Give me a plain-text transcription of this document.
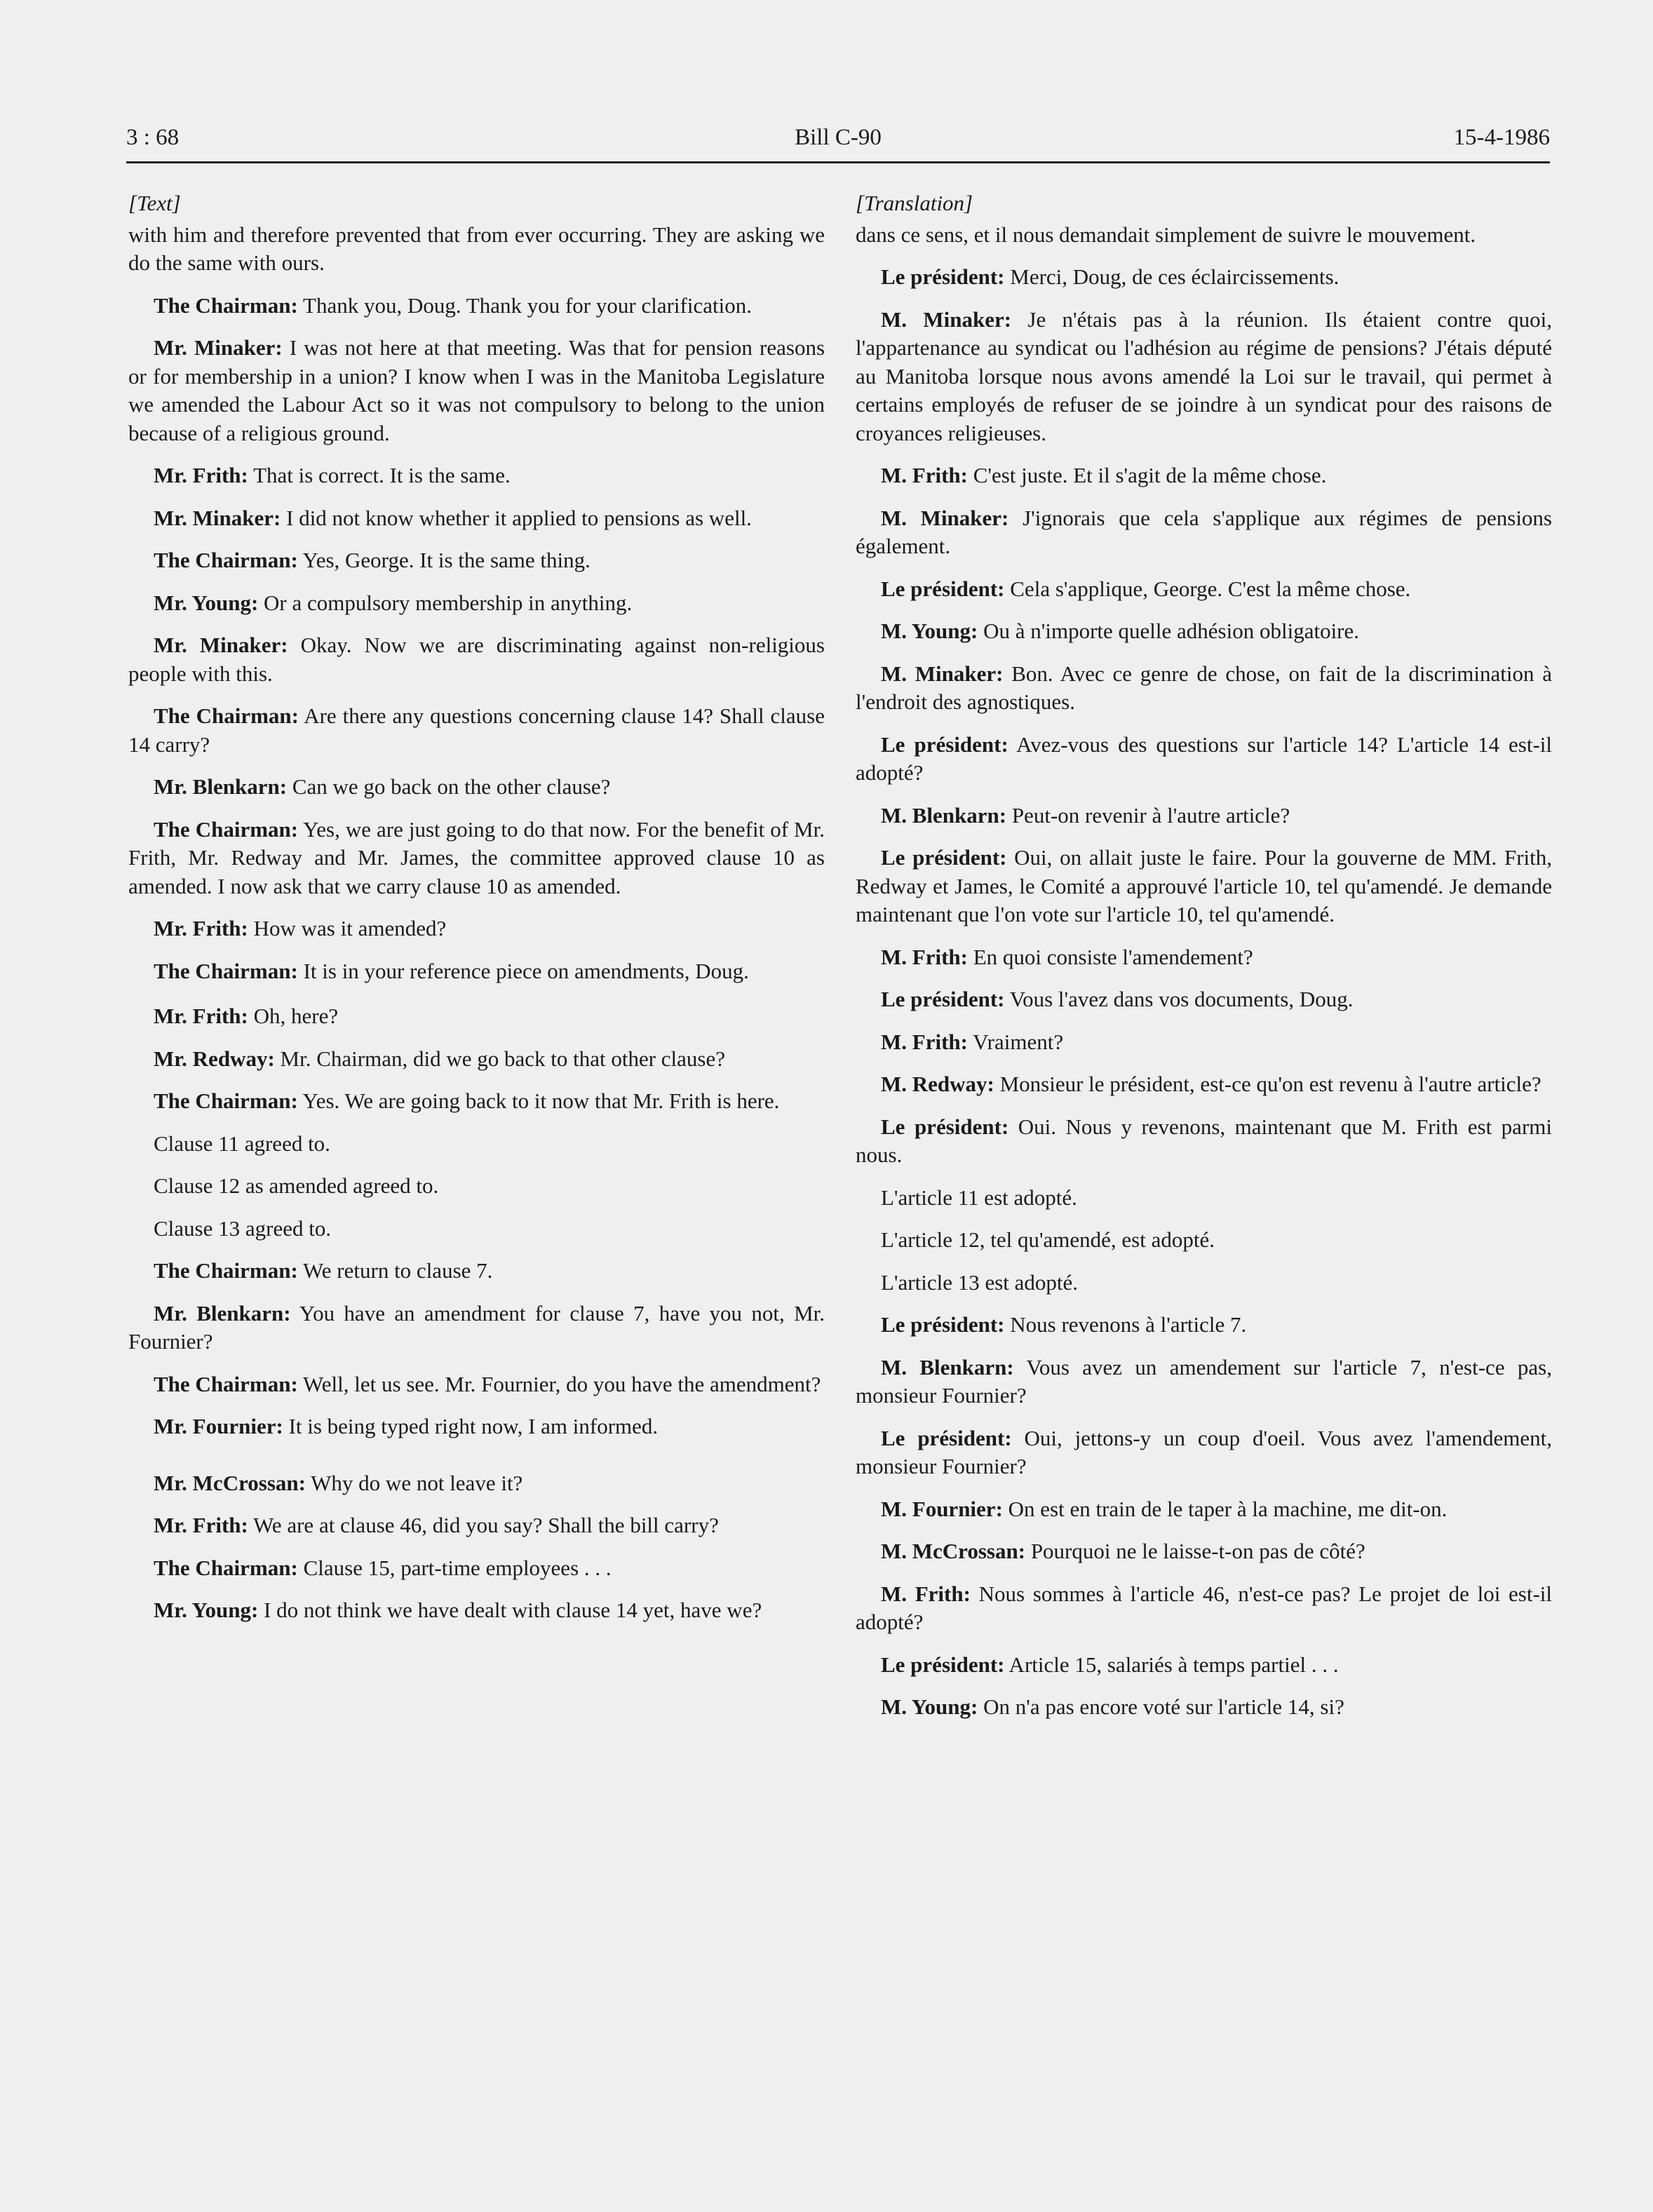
3 : 68	Bill C-90	15-4-1986
[Text]

with him and therefore prevented that from ever occurring. They are asking we do the same with ours.

The Chairman: Thank you, Doug. Thank you for your clarification.

Mr. Minaker: I was not here at that meeting. Was that for pension reasons or for membership in a union? I know when I was in the Manitoba Legislature we amended the Labour Act so it was not compulsory to belong to the union because of a religious ground.

Mr. Frith: That is correct. It is the same.

Mr. Minaker: I did not know whether it applied to pensions as well.

The Chairman: Yes, George. It is the same thing.

Mr. Young: Or a compulsory membership in anything.

Mr. Minaker: Okay. Now we are discriminating against non-religious people with this.

The Chairman: Are there any questions concerning clause 14? Shall clause 14 carry?

Mr. Blenkarn: Can we go back on the other clause?

The Chairman: Yes, we are just going to do that now. For the benefit of Mr. Frith, Mr. Redway and Mr. James, the committee approved clause 10 as amended. I now ask that we carry clause 10 as amended.

Mr. Frith: How was it amended?

The Chairman: It is in your reference piece on amendments, Doug.

Mr. Frith: Oh, here?

Mr. Redway: Mr. Chairman, did we go back to that other clause?

The Chairman: Yes. We are going back to it now that Mr. Frith is here.

Clause 11 agreed to.

Clause 12 as amended agreed to.

Clause 13 agreed to.

The Chairman: We return to clause 7.

Mr. Blenkarn: You have an amendment for clause 7, have you not, Mr. Fournier?

The Chairman: Well, let us see. Mr. Fournier, do you have the amendment?

Mr. Fournier: It is being typed right now, I am informed.

Mr. McCrossan: Why do we not leave it?

Mr. Frith: We are at clause 46, did you say? Shall the bill carry?

The Chairman: Clause 15, part-time employees . . .

Mr. Young: I do not think we have dealt with clause 14 yet, have we?

[Translation]

dans ce sens, et il nous demandait simplement de suivre le mouvement.

Le président: Merci, Doug, de ces éclaircissements.

M. Minaker: Je n'étais pas à la réunion. Ils étaient contre quoi, l'appartenance au syndicat ou l'adhésion au régime de pensions? J'étais député au Manitoba lorsque nous avons amendé la Loi sur le travail, qui permet à certains employés de refuser de se joindre à un syndicat pour des raisons de croyances religieuses.

M. Frith: C'est juste. Et il s'agit de la même chose.

M. Minaker: J'ignorais que cela s'applique aux régimes de pensions également.

Le président: Cela s'applique, George. C'est la même chose.

M. Young: Ou à n'importe quelle adhésion obligatoire.

M. Minaker: Bon. Avec ce genre de chose, on fait de la discrimination à l'endroit des agnostiques.

Le président: Avez-vous des questions sur l'article 14? L'article 14 est-il adopté?

M. Blenkarn: Peut-on revenir à l'autre article?

Le président: Oui, on allait juste le faire. Pour la gouverne de MM. Frith, Redway et James, le Comité a approuvé l'article 10, tel qu'amendé. Je demande maintenant que l'on vote sur l'article 10, tel qu'amendé.

M. Frith: En quoi consiste l'amendement?

Le président: Vous l'avez dans vos documents, Doug.

M. Frith: Vraiment?

M. Redway: Monsieur le président, est-ce qu'on est revenu à l'autre article?

Le président: Oui. Nous y revenons, maintenant que M. Frith est parmi nous.

L'article 11 est adopté.

L'article 12, tel qu'amendé, est adopté.

L'article 13 est adopté.

Le président: Nous revenons à l'article 7.

M. Blenkarn: Vous avez un amendement sur l'article 7, n'est-ce pas, monsieur Fournier?

Le président: Oui, jettons-y un coup d'oeil. Vous avez l'amendement, monsieur Fournier?

M. Fournier: On est en train de le taper à la machine, me dit-on.

M. McCrossan: Pourquoi ne le laisse-t-on pas de côté?

M. Frith: Nous sommes à l'article 46, n'est-ce pas? Le projet de loi est-il adopté?

Le président: Article 15, salariés à temps partiel . . .

M. Young: On n'a pas encore voté sur l'article 14, si?
